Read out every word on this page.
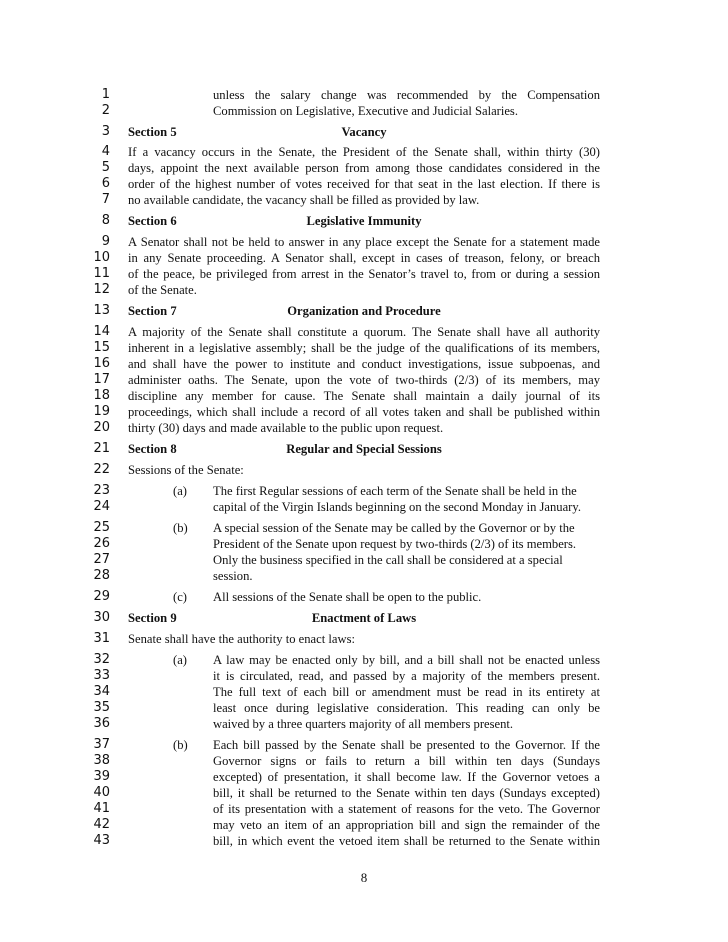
1
2
3
4
5
6
7
8
9
10
11
12
13
14
15
16
17
18
19
20
21
22
23
24
25
26
27
28
29
30
31
32
33
34
35
36
37
38
39
40
41
42
43
unless the salary change was recommended by the Compensation
Commission on Legislative, Executive and Judicial Salaries.
Section 5	Vacancy
If a vacancy occurs in the Senate, the President of the Senate shall, within thirty (30)
days, appoint the next available person from among those candidates considered in the
order of the highest number of votes received for that seat in the last election. If there is
no available candidate, the vacancy shall be filled as provided by law.
Section 6	Legislative Immunity
A Senator shall not be held to answer in any place except the Senate for a statement made
in any Senate proceeding. A Senator shall, except in cases of treason, felony, or breach
of the peace, be privileged from arrest in the Senator’s travel to, from or during a session
of the Senate.
Section 7	Organization and Procedure
A majority of the Senate shall constitute a quorum. The Senate shall have all authority
inherent in a legislative assembly; shall be the judge of the qualifications of its members,
and shall have the power to institute and conduct investigations, issue subpoenas, and
administer oaths. The Senate, upon the vote of two-thirds (2/3) of its members, may
discipline any member for cause. The Senate shall maintain a daily journal of its
proceedings, which shall include a record of all votes taken and shall be published within
thirty (30) days and made available to the public upon request.
Section 8	Regular and Special Sessions
Sessions of the Senate:
(a) The first Regular sessions of each term of the Senate shall be held in the
capital of the Virgin Islands beginning on the second Monday in January.
(b) A special session of the Senate may be called by the Governor or by the
President of the Senate upon request by two-thirds (2/3) of its members.
Only the business specified in the call shall be considered at a special
session.
(c) All sessions of the Senate shall be open to the public.
Section 9	Enactment of Laws
Senate shall have the authority to enact laws:
(a) A law may be enacted only by bill, and a bill shall not be enacted unless
it is circulated, read, and passed by a majority of the members present.
The full text of each bill or amendment must be read in its entirety at
least once during legislative consideration. This reading can only be
waived by a three quarters majority of all members present.
(b) Each bill passed by the Senate shall be presented to the Governor. If the
Governor signs or fails to return a bill within ten days (Sundays
excepted) of presentation, it shall become law. If the Governor vetoes a
bill, it shall be returned to the Senate within ten days (Sundays excepted)
of its presentation with a statement of reasons for the veto. The Governor
may veto an item of an appropriation bill and sign the remainder of the
bill, in which event the vetoed item shall be returned to the Senate within
8
